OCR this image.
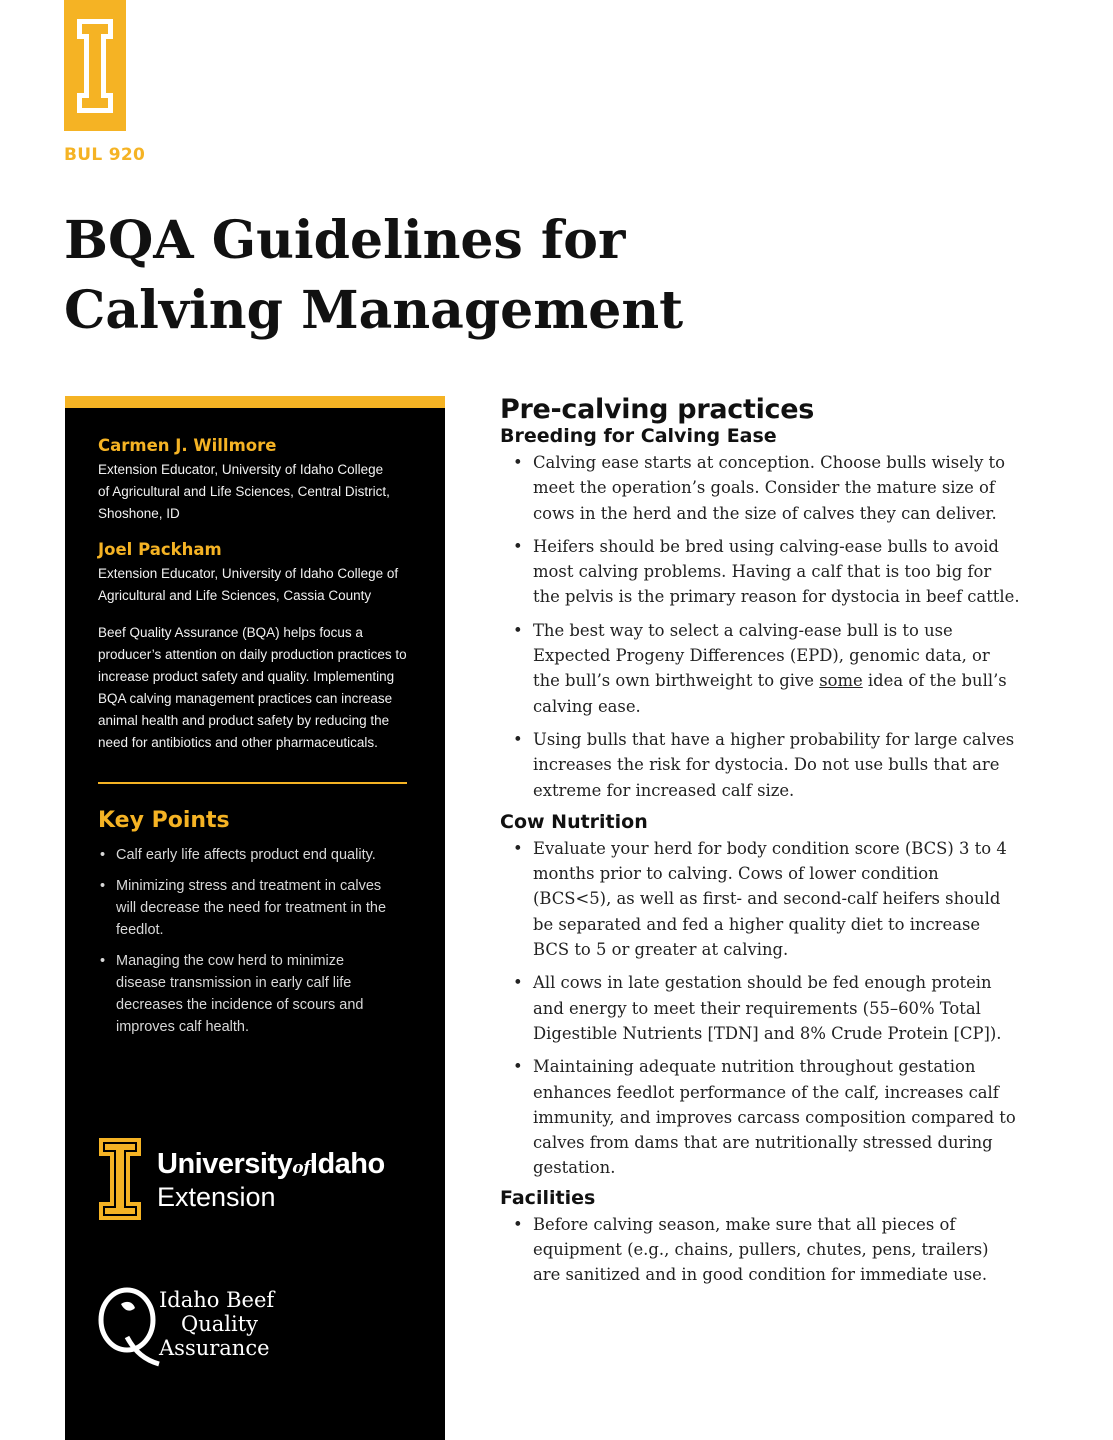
BUL 920

BQA Guidelines for
Calving Management

Carmen J. Willmore

Extension Educator, University of Idaho College
of Agricultural and Life Sciences, Central District,
Shoshone, ID

Joel Packham

Extension Educator, University of Idaho College of
Agricultural and Life Sciences, Cassia County

Beef Quality Assurance (BQA) helps focus a producer’s attention on daily production practices to increase product safety and quality. Implementing BQA calving management practices can increase animal health and product safety by reducing the need for antibiotics and other pharmaceuticals.

Key Points
• Calf early life affects product end quality.
• Minimizing stress and treatment in calves will decrease the need for treatment in the feedlot.
• Managing the cow herd to minimize disease transmission in early calf life decreases the incidence of scours and improves calf health.

UniversityofIdaho

Extension

Idaho Beef
Quality
Assurance

Pre-calving practices
Breeding for Calving Ease
• Calving ease starts at conception. Choose bulls wisely to meet the operation’s goals. Consider the mature size of cows in the herd and the size of calves they can deliver.
• Heifers should be bred using calving-ease bulls to avoid most calving problems. Having a calf that is too big for the pelvis is the primary reason for dystocia in beef cattle.
• The best way to select a calving-ease bull is to use Expected Progeny Differences (EPD), genomic data, or the bull’s own birthweight to give some idea of the bull’s calving ease.
• Using bulls that have a higher probability for large calves increases the risk for dystocia. Do not use bulls that are extreme for increased calf size.
Cow Nutrition
• Evaluate your herd for body condition score (BCS) 3 to 4 months prior to calving. Cows of lower condition (BCS<5), as well as first- and second-calf heifers should be separated and fed a higher quality diet to increase BCS to 5 or greater at calving.
• All cows in late gestation should be fed enough protein and energy to meet their requirements (55–60% Total Digestible Nutrients [TDN] and 8% Crude Protein [CP]).
• Maintaining adequate nutrition throughout gestation enhances feedlot performance of the calf, increases calf immunity, and improves carcass composition compared to calves from dams that are nutritionally stressed during gestation.
Facilities
• Before calving season, make sure that all pieces of equipment (e.g., chains, pullers, chutes, pens, trailers) are sanitized and in good condition for immediate use.
